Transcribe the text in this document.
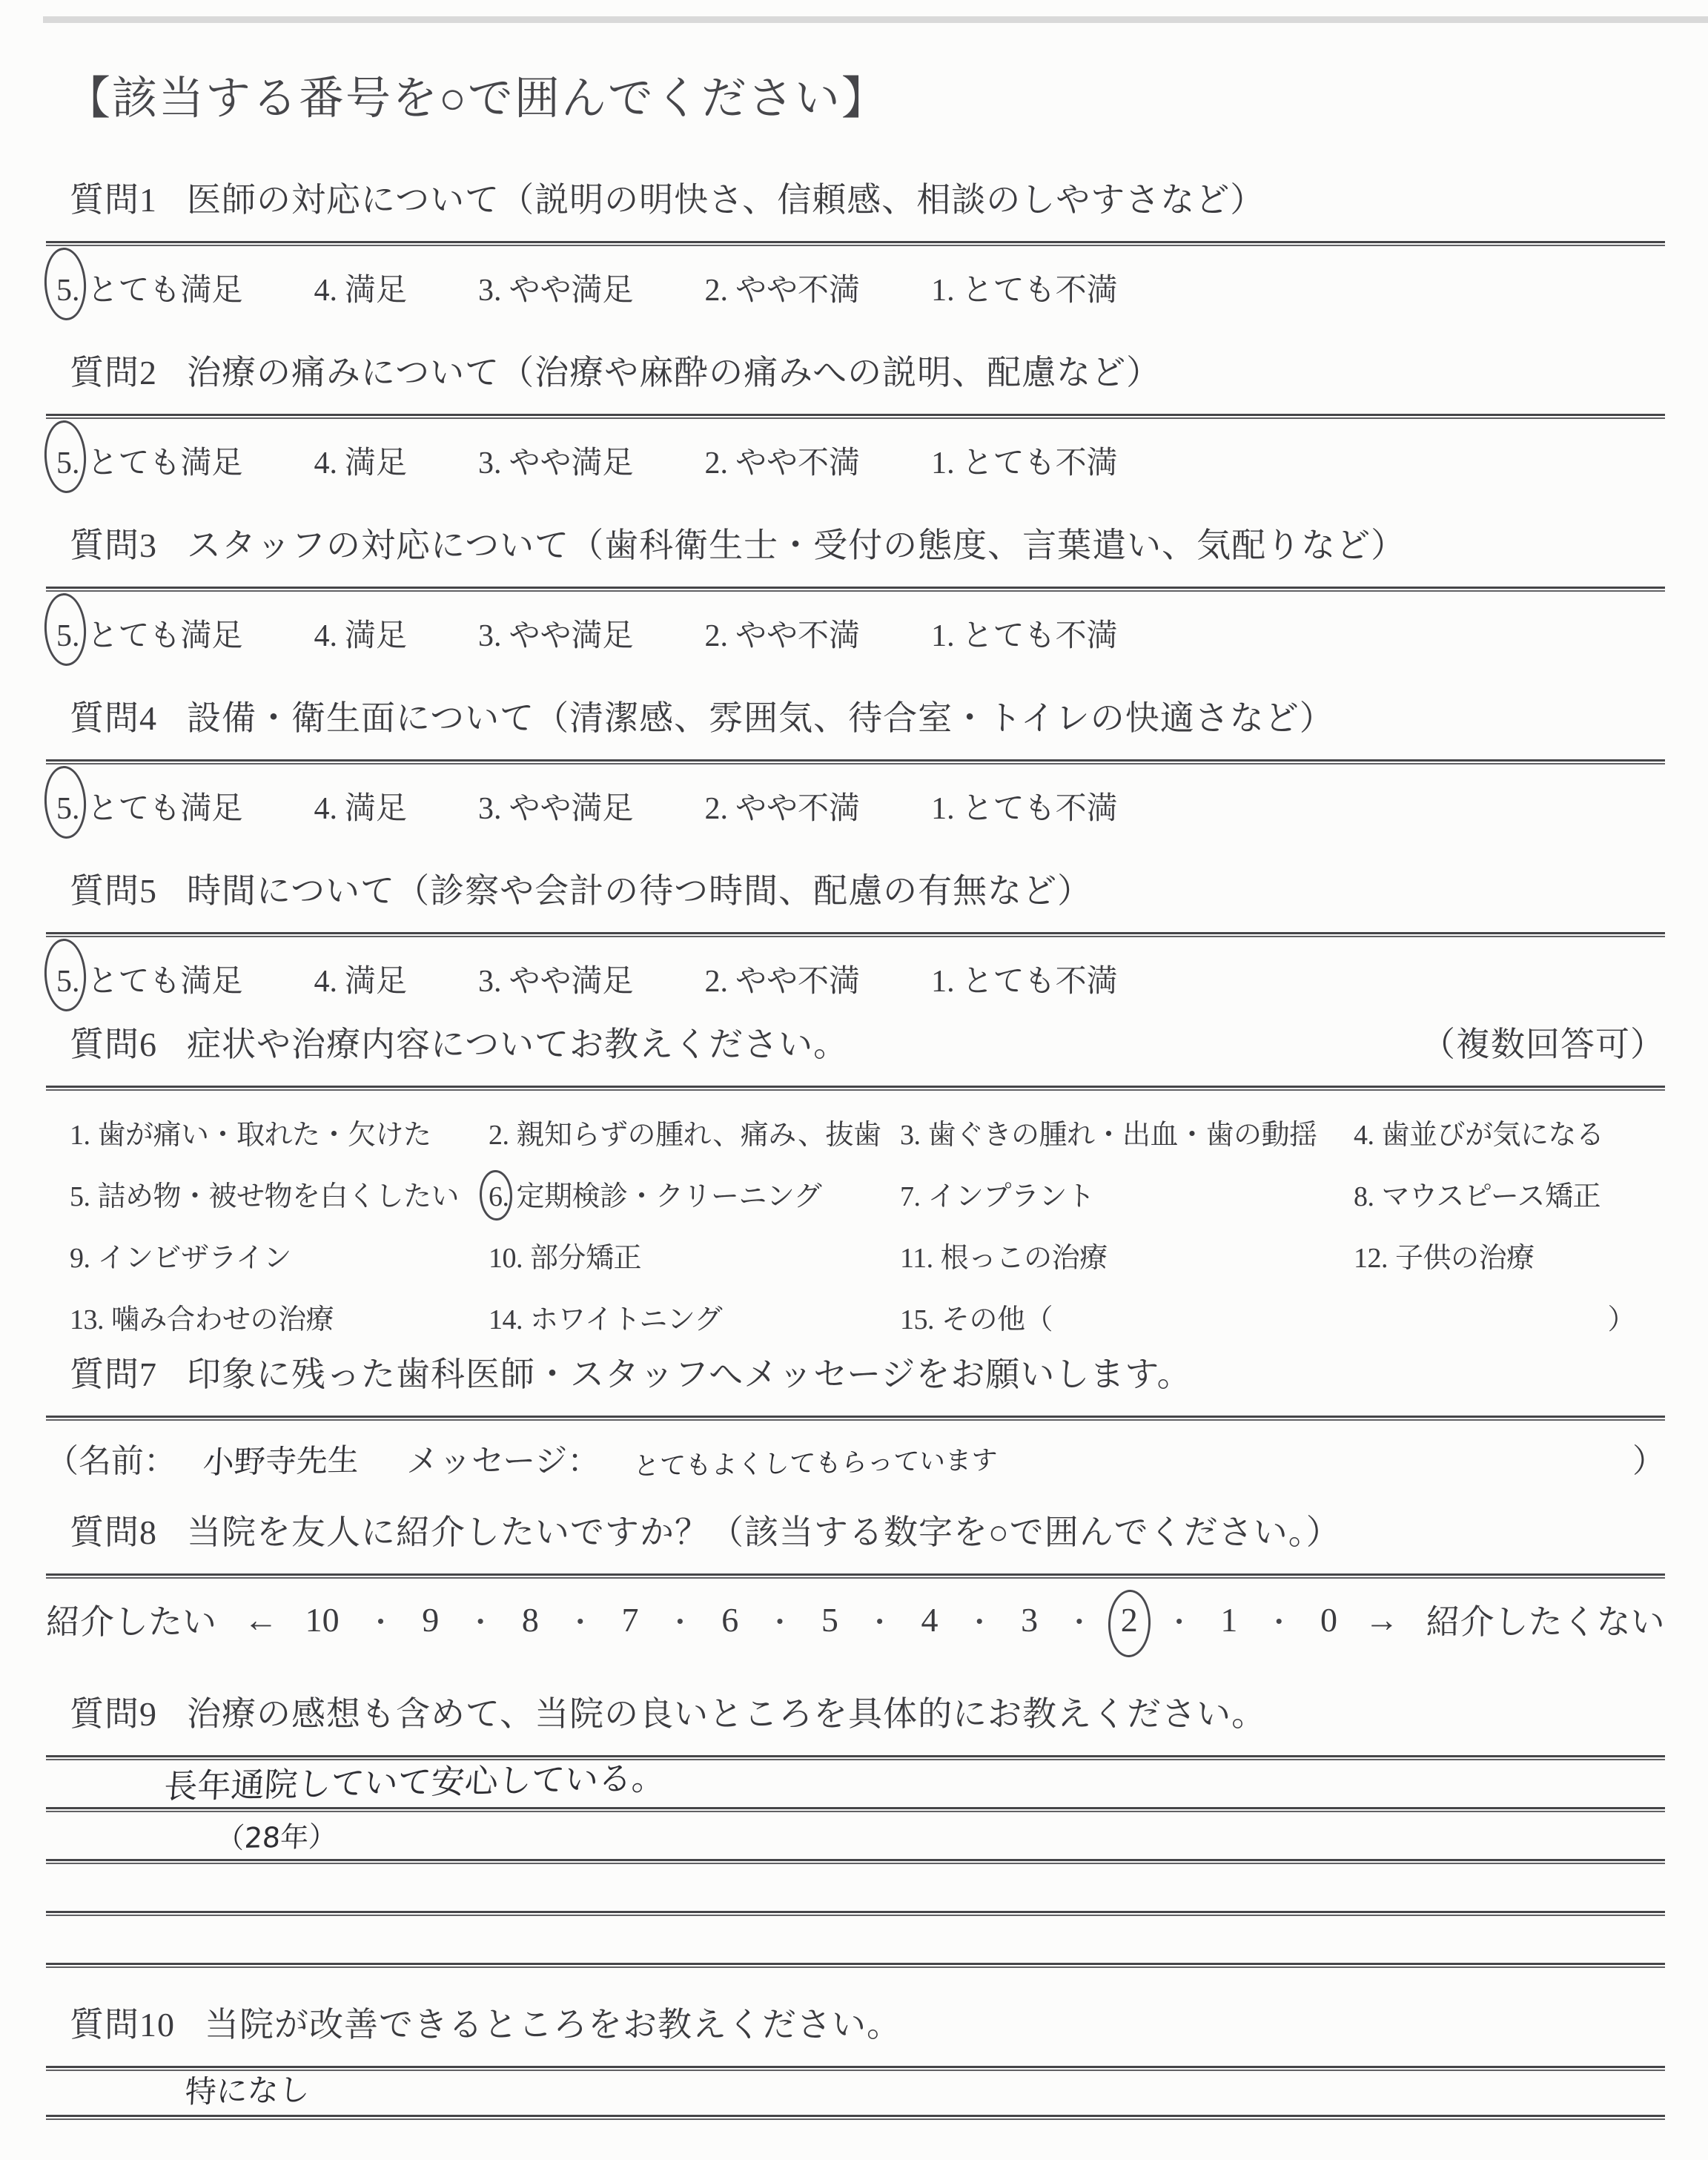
【該当する番号を○で囲んでください】
質問1 医師の対応について（説明の明快さ、信頼感、相談のしやすさなど）
5. とても満足 4. 満足 3. やや満足 2. やや不満 1. とても不満
質問2 治療の痛みについて（治療や麻酔の痛みへの説明、配慮など）
5. とても満足 4. 満足 3. やや満足 2. やや不満 1. とても不満
質問3 スタッフの対応について（歯科衛生士・受付の態度、言葉遣い、気配りなど）
5. とても満足 4. 満足 3. やや満足 2. やや不満 1. とても不満
質問4 設備・衛生面について（清潔感、雰囲気、待合室・トイレの快適さなど）
5. とても満足 4. 満足 3. やや満足 2. やや不満 1. とても不満
質問5 時間について（診察や会計の待つ時間、配慮の有無など）
5. とても満足 4. 満足 3. やや満足 2. やや不満 1. とても不満
質問6 症状や治療内容についてお教えください。	（複数回答可）
1. 歯が痛い・取れた・欠けた	2. 親知らずの腫れ、痛み、抜歯 3. 歯ぐきの腫れ・出血・歯の動揺	4. 歯並びが気になる
5. 詰め物・被せ物を白くしたい	6. 定期検診・クリーニング	7. インプラント	8. マウスピース矯正
9. インビザライン	10. 部分矯正	11. 根っこの治療	12. 子供の治療
13. 噛み合わせの治療	14. ホワイトニング	15. その他（	）
質問7 印象に残った歯科医師・スタッフへメッセージをお願いします。
（名前： 小野寺先生 メッセージ： とてもよくしてもらっています	）
質問8 当院を友人に紹介したいですか？（該当する数字を○で囲んでください。）
紹介したい ← 10 ・ 9 ・ 8 ・ 7 ・ 6 ・ 5 ・ 4 ・ 3 ・ 2 ・ 1 ・ 0 → 紹介したくない
質問9 治療の感想も含めて、当院の良いところを具体的にお教えください。
長年通院していて安心している。
（28年）
質問10 当院が改善できるところをお教えください。
特になし
